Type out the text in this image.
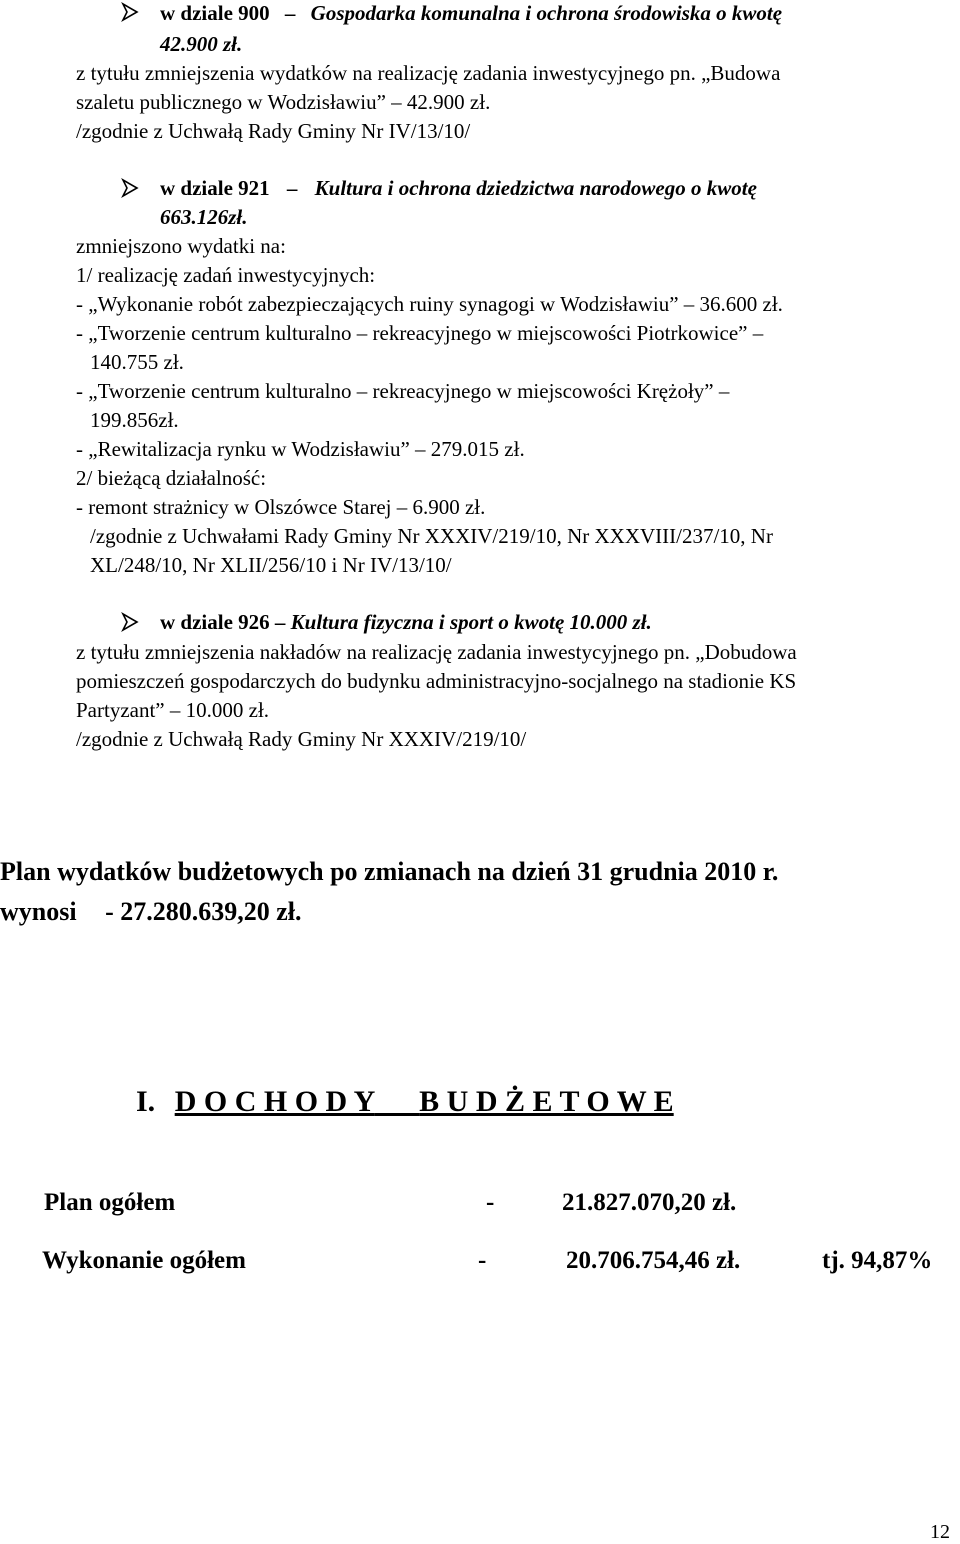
w dziale 900 – Gospodarka komunalna i ochrona środowiska o kwotę
42.900 zł.
z tytułu zmniejszenia wydatków na realizację zadania inwestycyjnego pn. „Budowa
szaletu publicznego w Wodzisławiu” – 42.900 zł.
/zgodnie z Uchwałą Rady Gminy Nr IV/13/10/
w dziale 921 – Kultura i ochrona dziedzictwa narodowego o kwotę
663.126zł.
zmniejszono wydatki na:
1/ realizację zadań inwestycyjnych:
- „Wykonanie robót zabezpieczających ruiny synagogi w Wodzisławiu” – 36.600 zł.
- „Tworzenie centrum kulturalno – rekreacyjnego w miejscowości Piotrkowice” –
140.755 zł.
- „Tworzenie centrum kulturalno – rekreacyjnego w miejscowości Krężoły” –
199.856zł.
- „Rewitalizacja rynku w Wodzisławiu” – 279.015 zł.
2/ bieżącą działalność:
- remont strażnicy w Olszówce Starej – 6.900 zł.
/zgodnie z Uchwałami Rady Gminy Nr XXXIV/219/10, Nr XXXVIII/237/10, Nr
XL/248/10, Nr XLII/256/10 i Nr IV/13/10/
w dziale 926 – Kultura fizyczna i sport o kwotę 10.000 zł.
z tytułu zmniejszenia nakładów na realizację zadania inwestycyjnego pn. „Dobudowa
pomieszczeń gospodarczych do budynku administracyjno-socjalnego na stadionie KS
Partyzant” – 10.000 zł.
/zgodnie z Uchwałą Rady Gminy Nr XXXIV/219/10/
Plan wydatków budżetowych po zmianach na dzień 31 grudnia 2010 r.
wynosi - 27.280.639,20 zł.
I. D O C H O D Y B U D Ż E T O W E
Plan ogółem	-	21.827.070,20 zł.
Wykonanie ogółem	-	20.706.754,46 zł.	tj. 94,87%
12
